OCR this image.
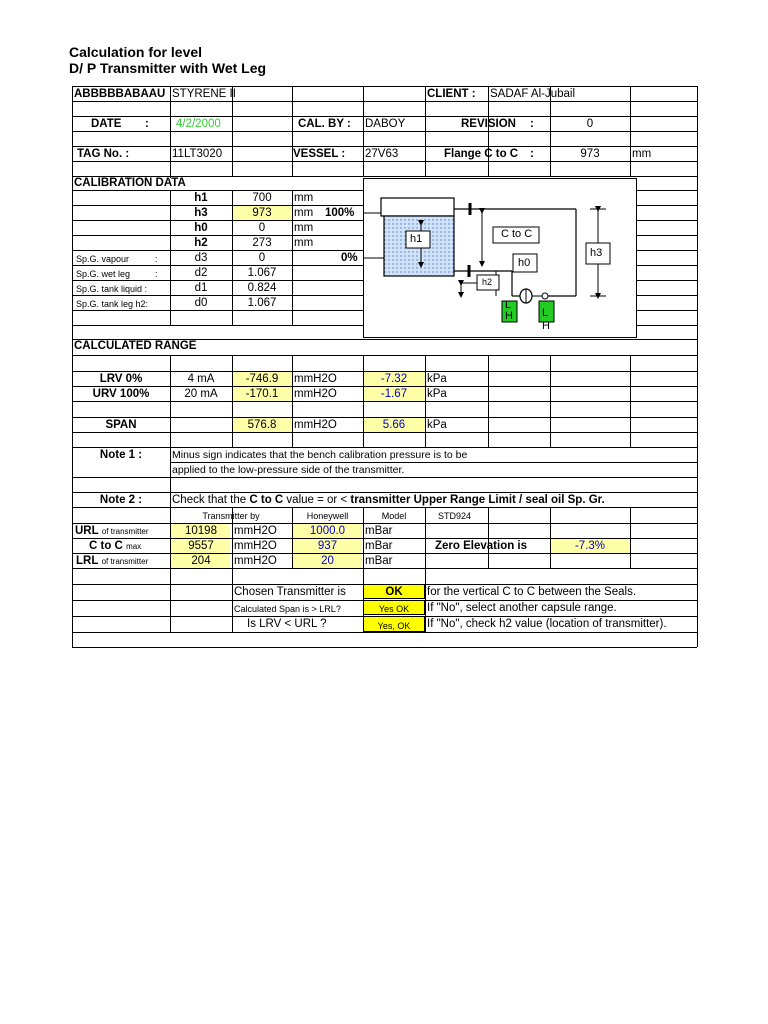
Calculation for level
D/ P Transmitter with Wet Leg
ABBBBBABAAU STYRENE II	CLIENT : SADAF Al-Jubail
DATE : 4/2/2000	CAL. BY : DABOY	REVISION :	0
TAG No. :	11LT3020	VESSEL : 27V63	Flange C to C :	973	mm
CALIBRATION DATA
h1	700	mm
h3	973	mm 100%
h0	0	mm
h2	273	mm
Sp.G. vapour	:	d3	0	0%
Sp.G. wet leg	:	d2	1.067
Sp.G. tank liquid :	d1	0.824
Sp.G. tank leg h2:	d0	1.067
h1	C to C
h0
h2
h3
L
H	L
H
CALCULATED RANGE
LRV 0%	4 mA	-746.9	mmH2O	-7.32	kPa
URV 100%	20 mA	-170.1	mmH2O	-1.67	kPa
SPAN	576.8	mmH2O	5.66	kPa
Note 1 :	Minus sign indicates that the bench calibration pressure is to be
applied to the low-pressure side of the transmitter.
Note 2 :	Check that the C to C value = or < transmitter Upper Range Limit / seal oil Sp. Gr.
Transmitter by	Honeywell	Model	STD924
URL of transmitter	10198	mmH2O	1000.0	mBar
C to C max	9557	mmH2O	937	mBar	Zero Elevation is	-7.3%
LRL of transmitter	204	mmH2O	20	mBar
Chosen Transmitter is	OK	for the vertical C to C between the Seals.
Calculated Span is > LRL?	Yes OK	If "No", select another capsule range.
Is LRV < URL ?	Yes, OK	If "No", check h2 value (location of transmitter).
